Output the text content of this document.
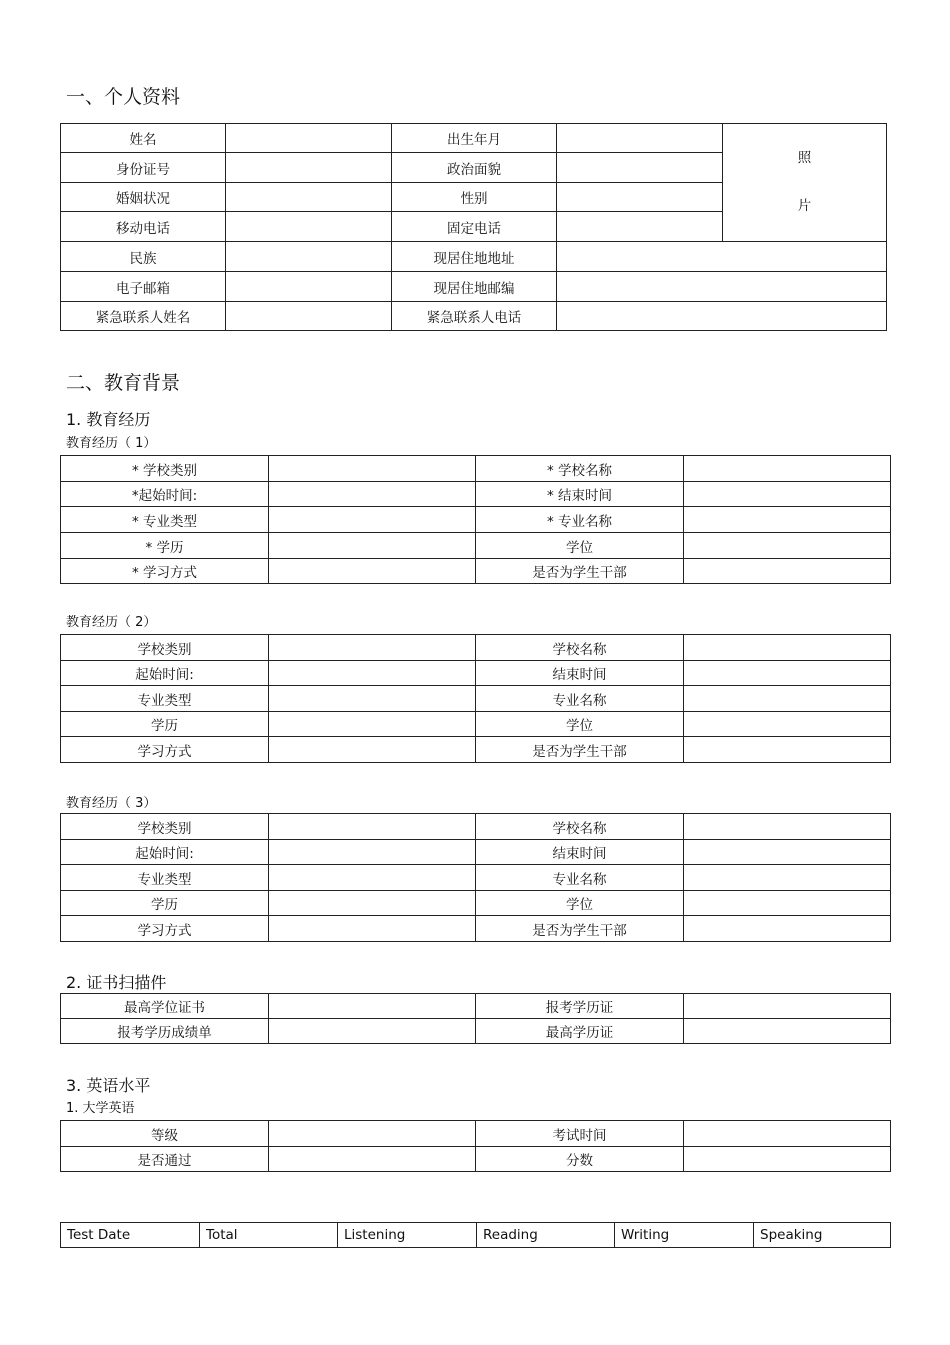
一、个人资料
姓名		出生年月		照
片

身份证号		政治面貌		
婚姻状况		性别		
移动电话		固定电话		
民族		现居住地地址		
电子邮箱		现居住地邮编		
紧急联系人姓名		紧急联系人电话		
二、教育背景
1. 教育经历
教育经历（ 1）
* 学校类别		* 学校名称	
*起始时间:		* 结束时间	
* 专业类型		* 专业名称	
* 学历		学位	
* 学习方式		是否为学生干部	
教育经历（ 2）
学校类别		学校名称	
起始时间:		结束时间	
专业类型		专业名称	
学历		学位	
学习方式		是否为学生干部	
教育经历（ 3）
学校类别		学校名称	
起始时间:		结束时间	
专业类型		专业名称	
学历		学位	
学习方式		是否为学生干部	
2. 证书扫描件
最高学位证书		报考学历证	
报考学历成绩单		最高学历证	
3. 英语水平
1. 大学英语
等级		考试时间	
是否通过		分数	
Test Date	Total	Listening	Reading	Writing	Speaking
